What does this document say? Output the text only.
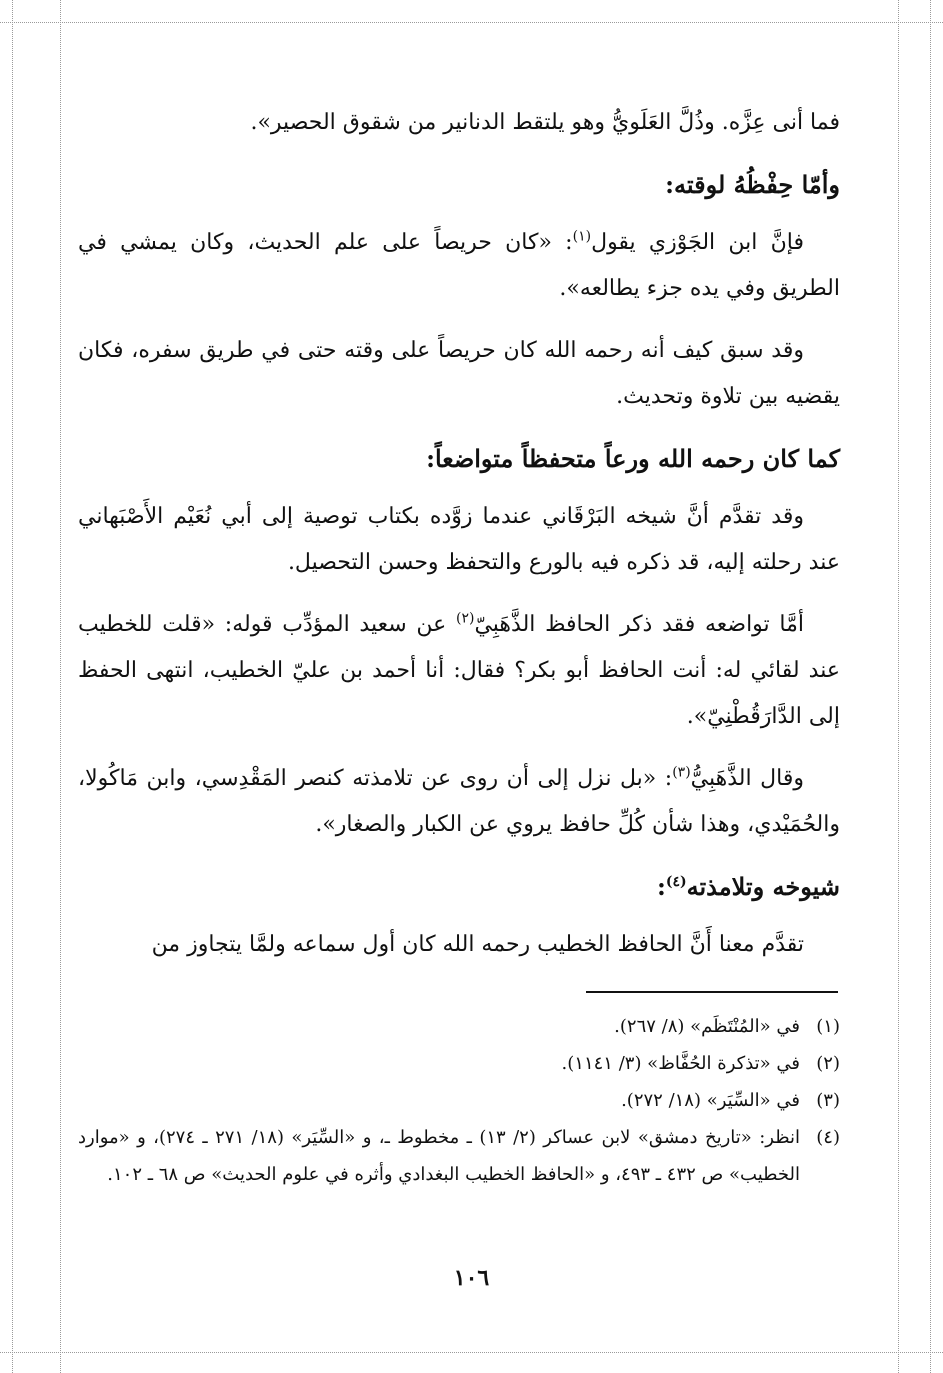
فما أنى عِزَّه. وذُلَّ العَلَويُّ وهو يلتقط الدنانير من شقوق الحصير».

وأمّا حِفْظُهُ لوقته:

فإنَّ ابن الجَوْزي يقول$^{(١)}$: «كان حريصاً على علم الحديث، وكان يمشي في الطريق وفي يده جزء يطالعه».

وقد سبق كيف أنه رحمه الله كان حريصاً على وقته حتى في طريق سفره، فكان يقضيه بين تلاوة وتحديث.

كما كان رحمه الله ورعاً متحفظاً متواضعاً:

وقد تقدَّم أنَّ شيخه البَرْقَاني عندما زوَّده بكتاب توصية إلى أبي نُعَيْم الأَصْبَهاني عند رحلته إليه، قد ذكره فيه بالورع والتحفظ وحسن التحصيل.

أمَّا تواضعه فقد ذكر الحافظ الذَّهَبِيّ$^{(٢)}$ عن سعيد المؤدِّب قوله: «قلت للخطيب عند لقائي له: أنت الحافظ أبو بكر؟ فقال: أنا أحمد بن عليّ الخطيب، انتهى الحفظ إلى الدَّارَقُطْنِيّ».

وقال الذَّهَبِيُّ$^{(٣)}$: «بل نزل إلى أن روى عن تلامذته كنصر المَقْدِسي، وابن مَاكُولا، والحُمَيْدي، وهذا شأن كُلِّ حافظ يروي عن الكبار والصغار».

شيوخه وتلامذته$^{(٤)}$:

تقدَّم معنا أَنَّ الحافظ الخطيب رحمه الله كان أول سماعه ولمَّا يتجاوز من

(١)
في «المُنْتَظَم» (٨/ ٢٦٧).
(٢)
في «تذكرة الحُفَّاظ» (٣/ ١١٤١).
(٣)
في «السِّيَر» (١٨/ ٢٧٢).
(٤)
انظر: «تاريخ دمشق» لابن عساكر (٢/ ١٣) ـ مخطوط ـ، و «السِّيَر» (١٨/ ٢٧١ ـ ٢٧٤)، و «موارد الخطيب» ص ٤٣٢ ـ ٤٩٣، و «الحافظ الخطيب البغدادي وأثره في علوم الحديث» ص ٦٨ ـ ١٠٢.
١٠٦
